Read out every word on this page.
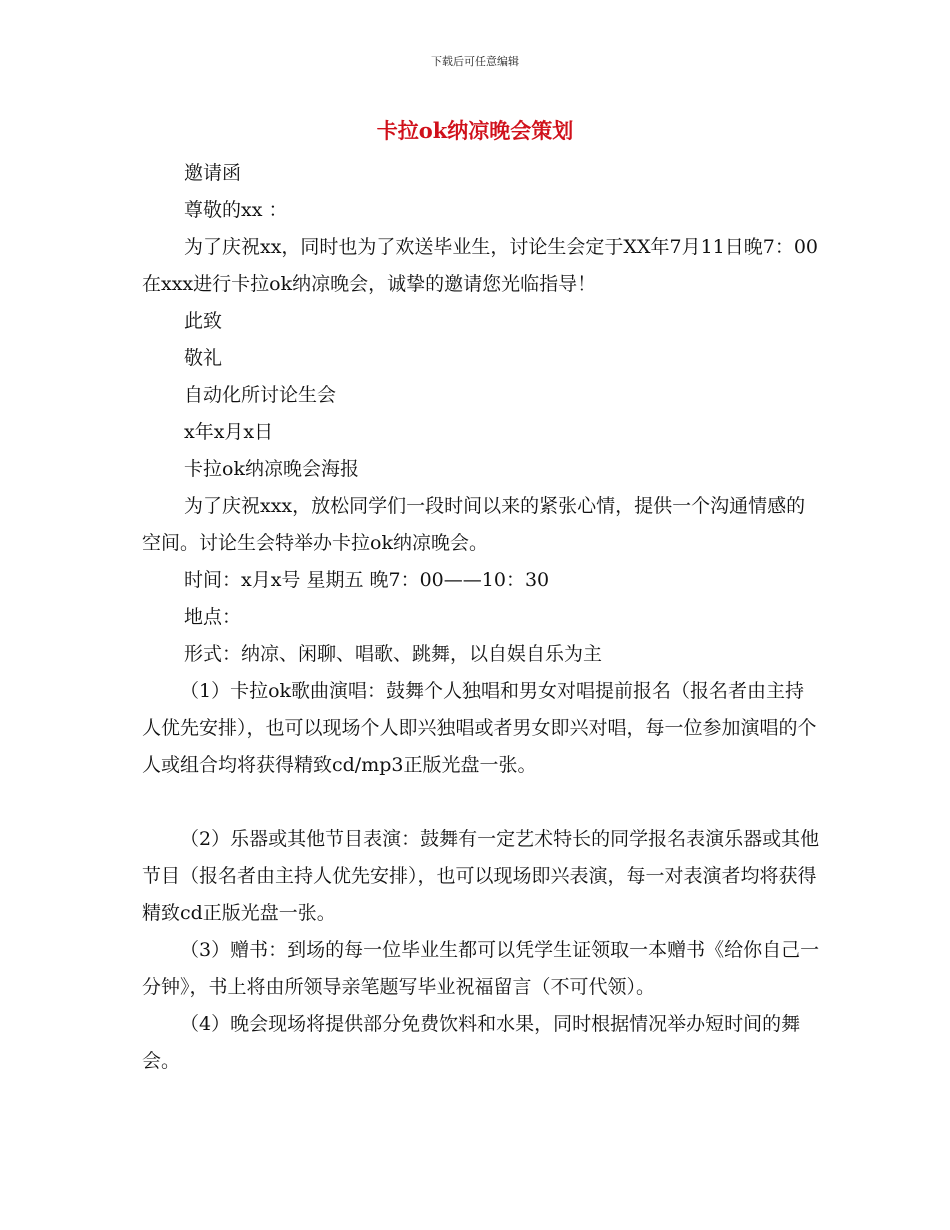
下载后可任意编辑
卡拉ok纳凉晚会策划

邀请函

尊敬的xx ：

为了庆祝xx，同时也为了欢送毕业生，讨论生会定于XX年7月11日晚7：00在xxx进行卡拉ok纳凉晚会，诚挚的邀请您光临指导！

此致

敬礼

自动化所讨论生会

x年x月x日

卡拉ok纳凉晚会海报

为了庆祝xxx，放松同学们一段时间以来的紧张心情，提供一个沟通情感的空间。讨论生会特举办卡拉ok纳凉晚会。

时间：x月x号 星期五 晚7：00——10：30

地点：

形式：纳凉、闲聊、唱歌、跳舞，以自娱自乐为主

（1）卡拉ok歌曲演唱：鼓舞个人独唱和男女对唱提前报名（报名者由主持人优先安排），也可以现场个人即兴独唱或者男女即兴对唱，每一位参加演唱的个人或组合均将获得精致cd/mp3正版光盘一张。

（2）乐器或其他节目表演：鼓舞有一定艺术特长的同学报名表演乐器或其他节目（报名者由主持人优先安排），也可以现场即兴表演，每一对表演者均将获得精致cd正版光盘一张。

（3）赠书：到场的每一位毕业生都可以凭学生证领取一本赠书《给你自己一分钟》，书上将由所领导亲笔题写毕业祝福留言（不可代领）。

（4）晚会现场将提供部分免费饮料和水果，同时根据情况举办短时间的舞会。
